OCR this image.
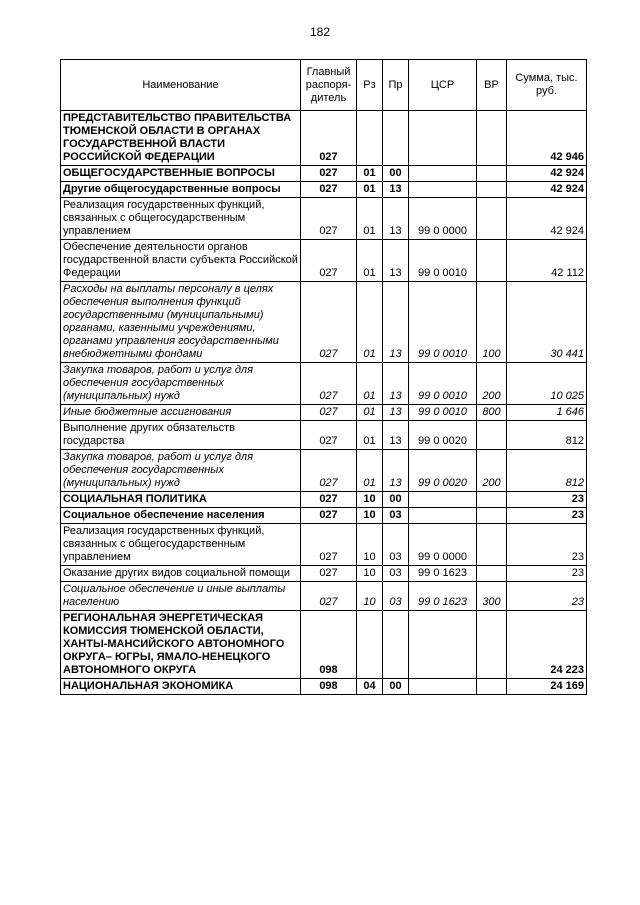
182
Наименование	Главный распоря-дитель	Рз	Пр	ЦСР	ВР	Сумма, тыс. руб.
ПРЕДСТАВИТЕЛЬСТВО ПРАВИТЕЛЬСТВА ТЮМЕНСКОЙ ОБЛАСТИ В ОРГАНАХ ГОСУДАРСТВЕННОЙ ВЛАСТИ РОССИЙСКОЙ ФЕДЕРАЦИИ	027					42 946
ОБЩЕГОСУДАРСТВЕННЫЕ ВОПРОСЫ	027	01	00			42 924
Другие общегосударственные вопросы	027	01	13			42 924
Реализация государственных функций, связанных с общегосударственным управлением	027	01	13	99 0 0000		42 924
Обеспечение деятельности органов государственной власти субъекта Российской Федерации	027	01	13	99 0 0010		42 112
Расходы на выплаты персоналу в целях обеспечения выполнения функций государственными (муниципальными) органами, казенными учреждениями, органами управления государственными внебюджетными фондами	027	01	13	99 0 0010	100	30 441
Закупка товаров, работ и услуг для обеспечения государственных (муниципальных) нужд	027	01	13	99 0 0010	200	10 025
Иные бюджетные ассигнования	027	01	13	99 0 0010	800	1 646
Выполнение других обязательств государства	027	01	13	99 0 0020		812
Закупка товаров, работ и услуг для обеспечения государственных (муниципальных) нужд	027	01	13	99 0 0020	200	812
СОЦИАЛЬНАЯ ПОЛИТИКА	027	10	00			23
Социальное обеспечение населения	027	10	03			23
Реализация государственных функций, связанных с общегосударственным управлением	027	10	03	99 0 0000		23
Оказание других видов социальной помощи	027	10	03	99 0 1623		23
Социальное обеспечение и иные выплаты населению	027	10	03	99 0 1623	300	23
РЕГИОНАЛЬНАЯ ЭНЕРГЕТИЧЕСКАЯ КОМИССИЯ ТЮМЕНСКОЙ ОБЛАСТИ, ХАНТЫ-МАНСИЙСКОГО АВТОНОМНОГО ОКРУГА– ЮГРЫ, ЯМАЛО-НЕНЕЦКОГО АВТОНОМНОГО ОКРУГА	098					24 223
НАЦИОНАЛЬНАЯ ЭКОНОМИКА	098	04	00			24 169
